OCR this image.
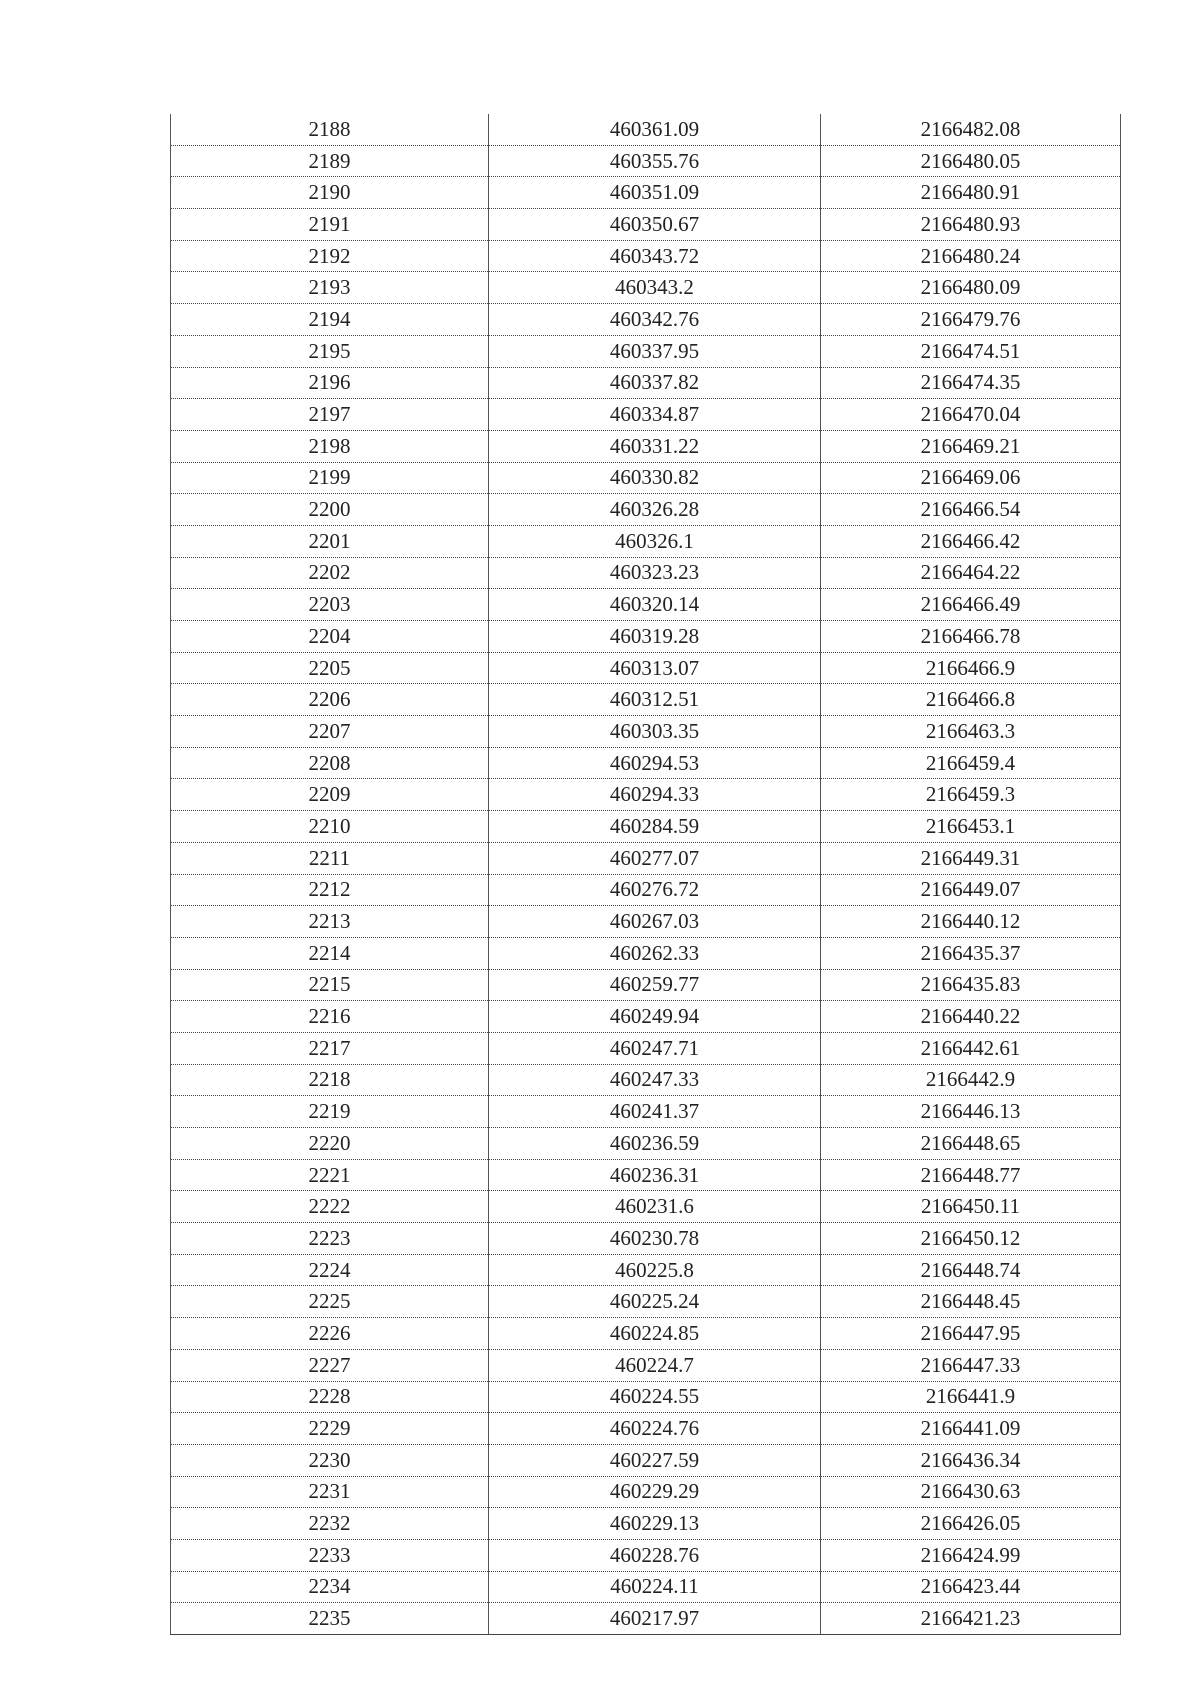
2188	460361.09	2166482.08
2189	460355.76	2166480.05
2190	460351.09	2166480.91
2191	460350.67	2166480.93
2192	460343.72	2166480.24
2193	460343.2	2166480.09
2194	460342.76	2166479.76
2195	460337.95	2166474.51
2196	460337.82	2166474.35
2197	460334.87	2166470.04
2198	460331.22	2166469.21
2199	460330.82	2166469.06
2200	460326.28	2166466.54
2201	460326.1	2166466.42
2202	460323.23	2166464.22
2203	460320.14	2166466.49
2204	460319.28	2166466.78
2205	460313.07	2166466.9
2206	460312.51	2166466.8
2207	460303.35	2166463.3
2208	460294.53	2166459.4
2209	460294.33	2166459.3
2210	460284.59	2166453.1
2211	460277.07	2166449.31
2212	460276.72	2166449.07
2213	460267.03	2166440.12
2214	460262.33	2166435.37
2215	460259.77	2166435.83
2216	460249.94	2166440.22
2217	460247.71	2166442.61
2218	460247.33	2166442.9
2219	460241.37	2166446.13
2220	460236.59	2166448.65
2221	460236.31	2166448.77
2222	460231.6	2166450.11
2223	460230.78	2166450.12
2224	460225.8	2166448.74
2225	460225.24	2166448.45
2226	460224.85	2166447.95
2227	460224.7	2166447.33
2228	460224.55	2166441.9
2229	460224.76	2166441.09
2230	460227.59	2166436.34
2231	460229.29	2166430.63
2232	460229.13	2166426.05
2233	460228.76	2166424.99
2234	460224.11	2166423.44
2235	460217.97	2166421.23
